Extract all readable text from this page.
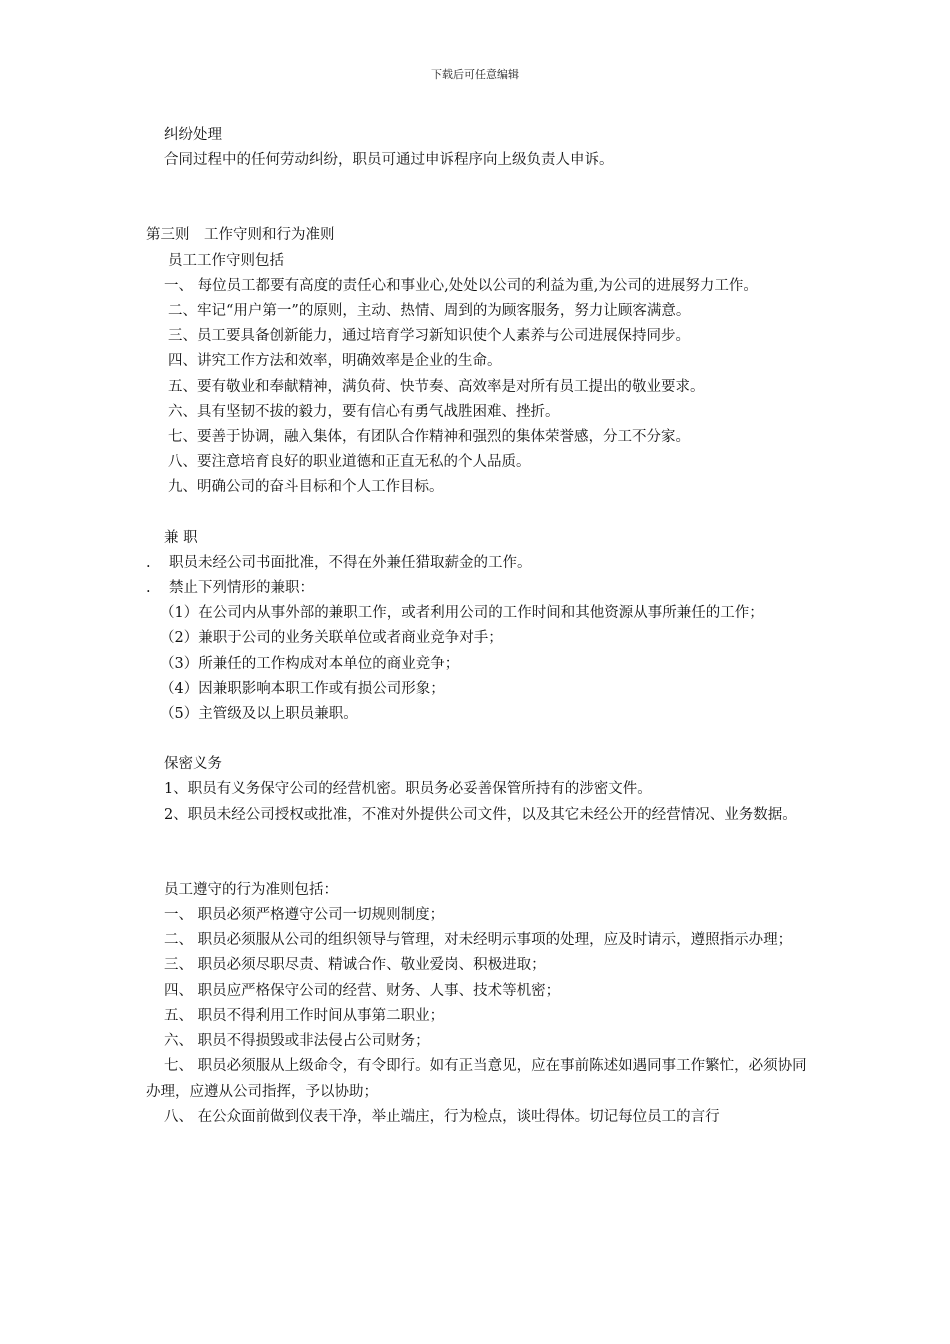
下载后可任意编辑

纠纷处理

合同过程中的任何劳动纠纷，职员可通过申诉程序向上级负责人申诉。

第三则　工作守则和行为准则

员工工作守则包括

一、 每位员工都要有高度的责任心和事业心,处处以公司的利益为重,为公司的进展努力工作。

二、牢记“用户第一”的原则，主动、热情、周到的为顾客服务，努力让顾客满意。

三、员工要具备创新能力，通过培育学习新知识使个人素养与公司进展保持同步。

四、讲究工作方法和效率，明确效率是企业的生命。

五、要有敬业和奉献精神，满负荷、快节奏、高效率是对所有员工提出的敬业要求。

六、具有坚韧不拔的毅力，要有信心有勇气战胜困难、挫折。

七、要善于协调，融入集体，有团队合作精神和强烈的集体荣誉感，分工不分家。

八、要注意培育良好的职业道德和正直无私的个人品质。

九、明确公司的奋斗目标和个人工作目标。

兼 职

.    职员未经公司书面批准，不得在外兼任猎取薪金的工作。

.    禁止下列情形的兼职：

（1）在公司内从事外部的兼职工作，或者利用公司的工作时间和其他资源从事所兼任的工作；

（2）兼职于公司的业务关联单位或者商业竞争对手；

（3）所兼任的工作构成对本单位的商业竞争；

（4）因兼职影响本职工作或有损公司形象；

（5）主管级及以上职员兼职。

保密义务

1、职员有义务保守公司的经营机密。职员务必妥善保管所持有的涉密文件。

2、职员未经公司授权或批准，不准对外提供公司文件，以及其它未经公开的经营情况、业务数据。

员工遵守的行为准则包括：

一、 职员必须严格遵守公司一切规则制度；

二、 职员必须服从公司的组织领导与管理，对未经明示事项的处理，应及时请示，遵照指示办理；

三、 职员必须尽职尽责、精诚合作、敬业爱岗、积极进取；

四、 职员应严格保守公司的经营、财务、人事、技术等机密；

五、 职员不得利用工作时间从事第二职业；

六、 职员不得损毁或非法侵占公司财务；

七、 职员必须服从上级命令，有令即行。如有正当意见，应在事前陈述如遇同事工作繁忙，必须协同办理，应遵从公司指挥，予以协助；

八、 在公众面前做到仪表干净，举止端庄，行为检点，谈吐得体。切记每位员工的言行
